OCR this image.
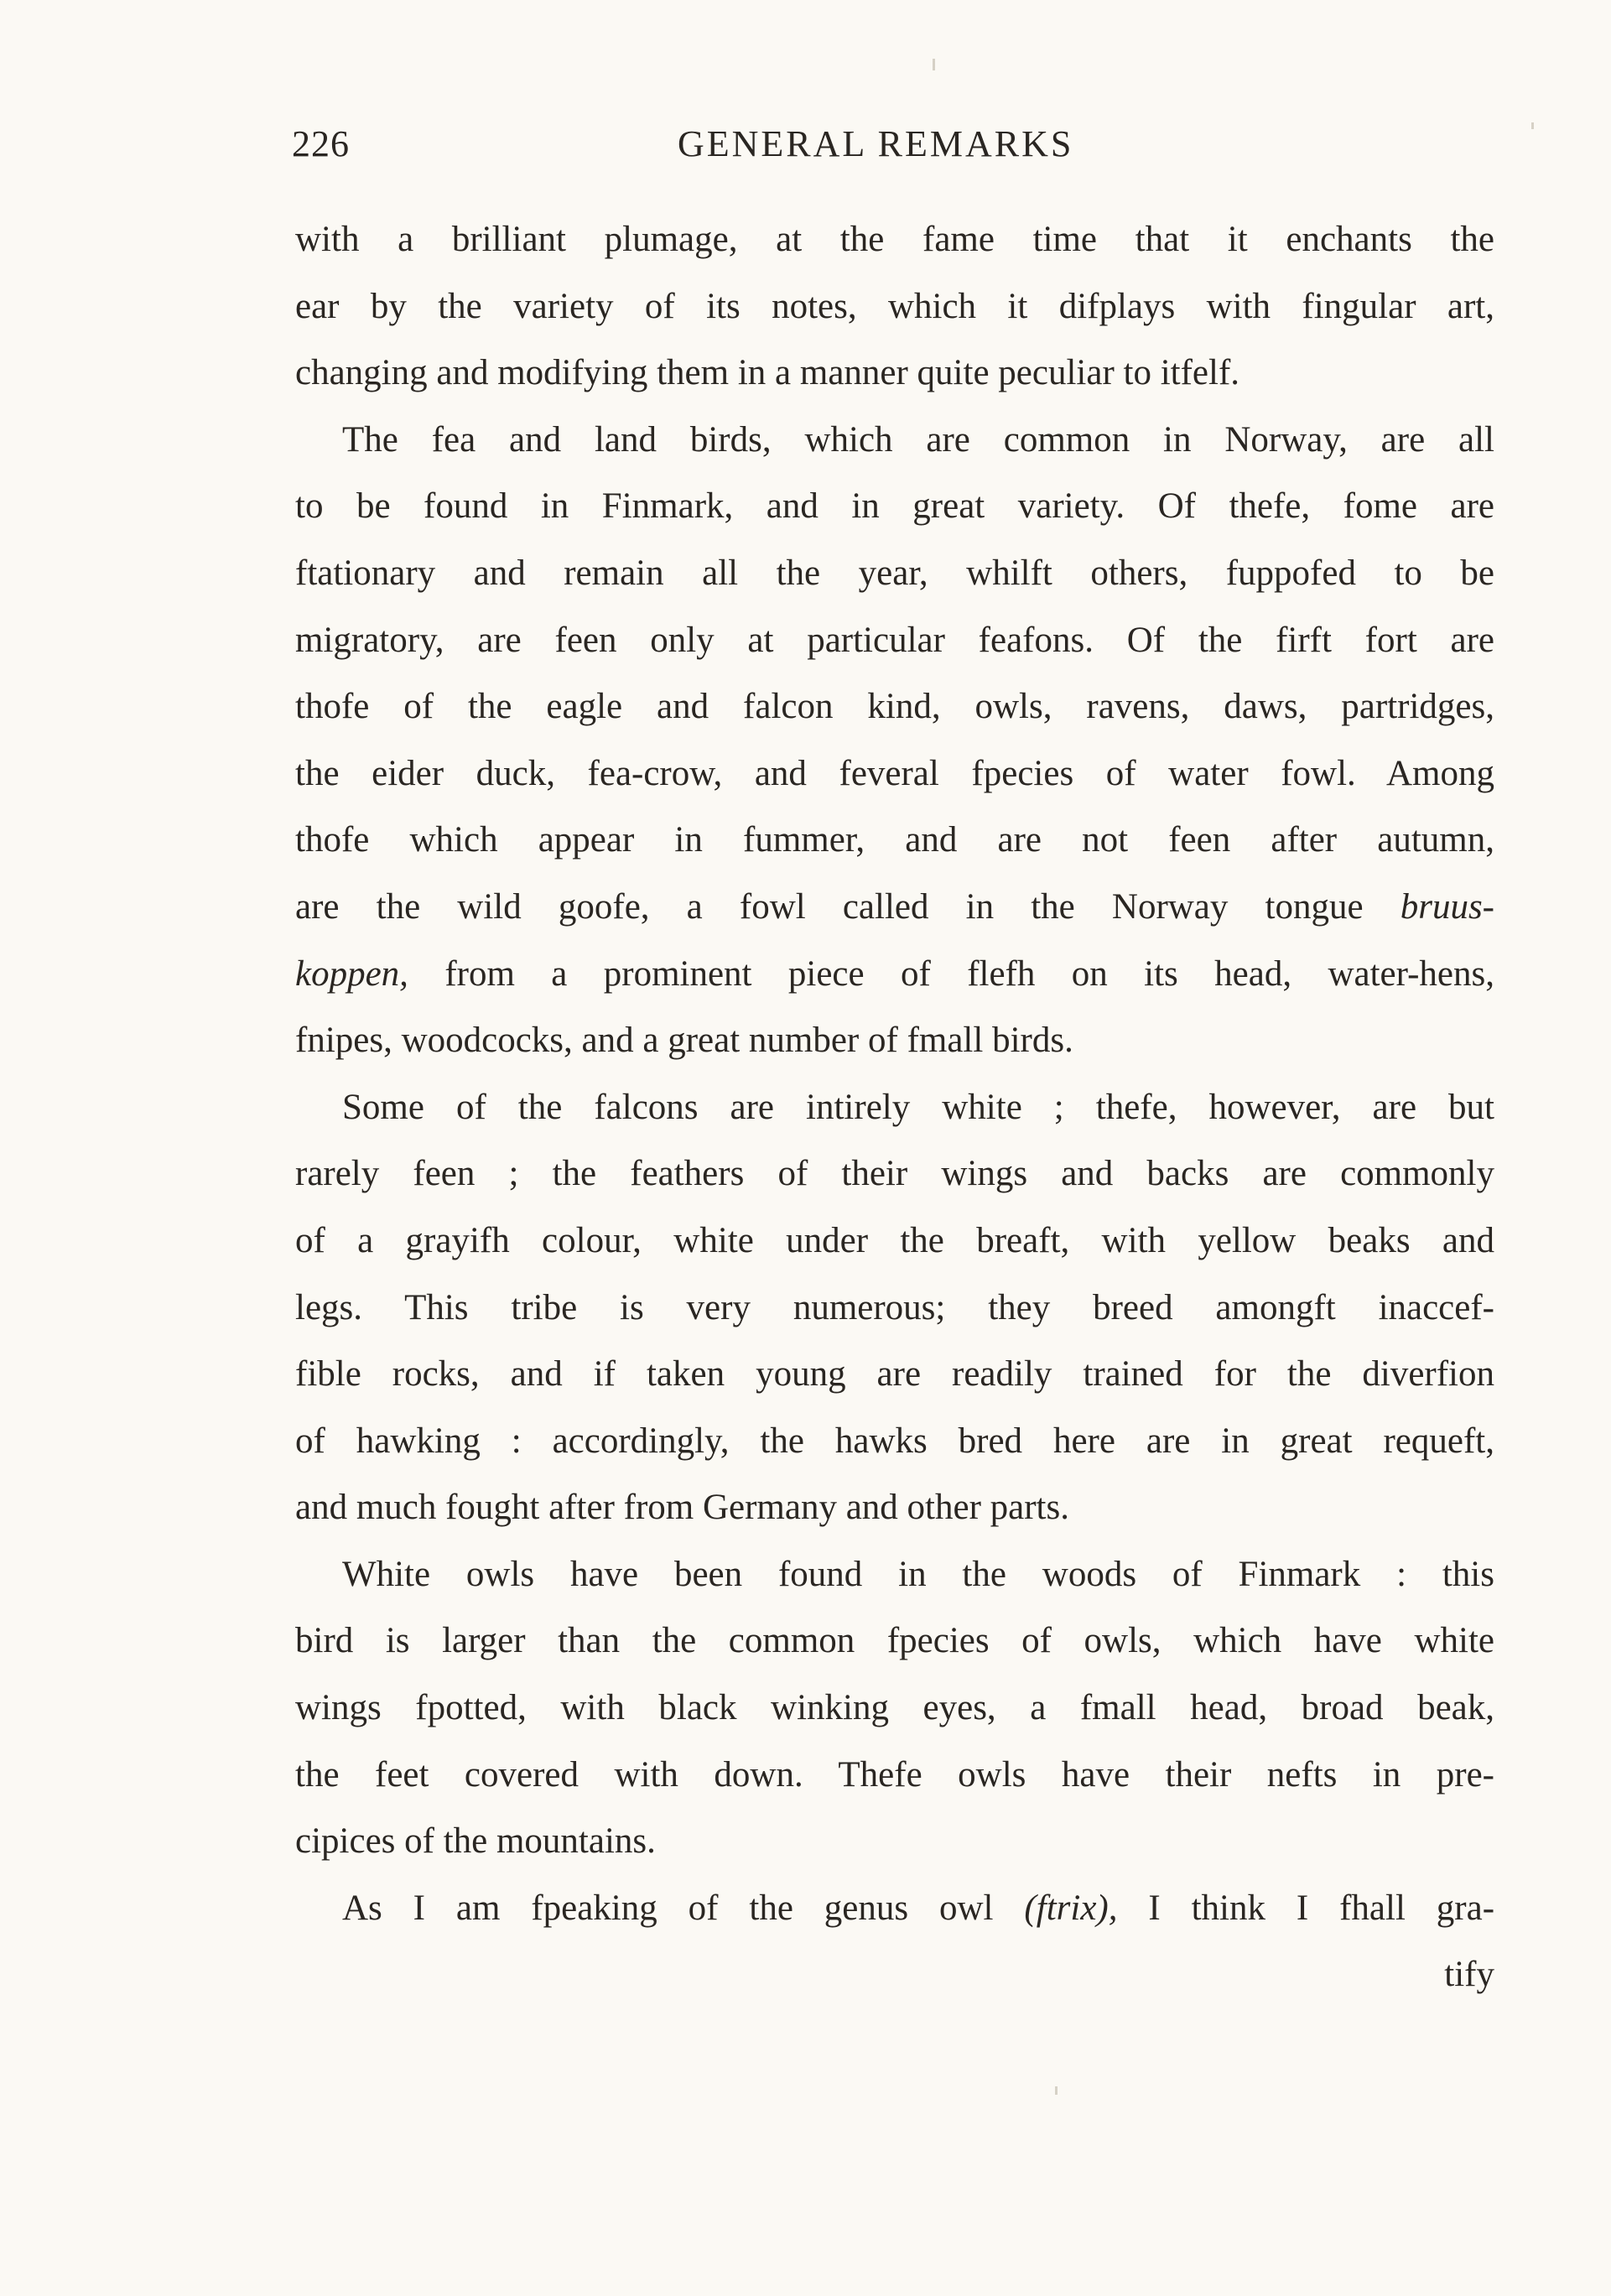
226	GENERAL REMARKS
with a brilliant plumage, at the fame time that it enchants the
ear by the variety of its notes, which it difplays with fingular art,
changing and modifying them in a manner quite peculiar to itfelf.
The fea and land birds, which are common in Norway, are all
to be found in Finmark, and in great variety. Of thefe, fome are
ftationary and remain all the year, whilft others, fuppofed to be
migratory, are feen only at particular feafons. Of the firft fort are
thofe of the eagle and falcon kind, owls, ravens, daws, partridges,
the eider duck, fea-crow, and feveral fpecies of water fowl. Among
thofe which appear in fummer, and are not feen after autumn,
are the wild goofe, a fowl called in the Norway tongue bruus-
koppen, from a prominent piece of flefh on its head, water-hens,
fnipes, woodcocks, and a great number of fmall birds.
Some of the falcons are intirely white ; thefe, however, are but
rarely feen ; the feathers of their wings and backs are commonly
of a grayifh colour, white under the breaft, with yellow beaks and
legs. This tribe is very numerous; they breed amongft inaccef-
fible rocks, and if taken young are readily trained for the diverfion
of hawking : accordingly, the hawks bred here are in great requeft,
and much fought after from Germany and other parts.
White owls have been found in the woods of Finmark : this
bird is larger than the common fpecies of owls, which have white
wings fpotted, with black winking eyes, a fmall head, broad beak,
the feet covered with down. Thefe owls have their nefts in pre-
cipices of the mountains.
As I am fpeaking of the genus owl (ftrix), I think I fhall gra-
tify
